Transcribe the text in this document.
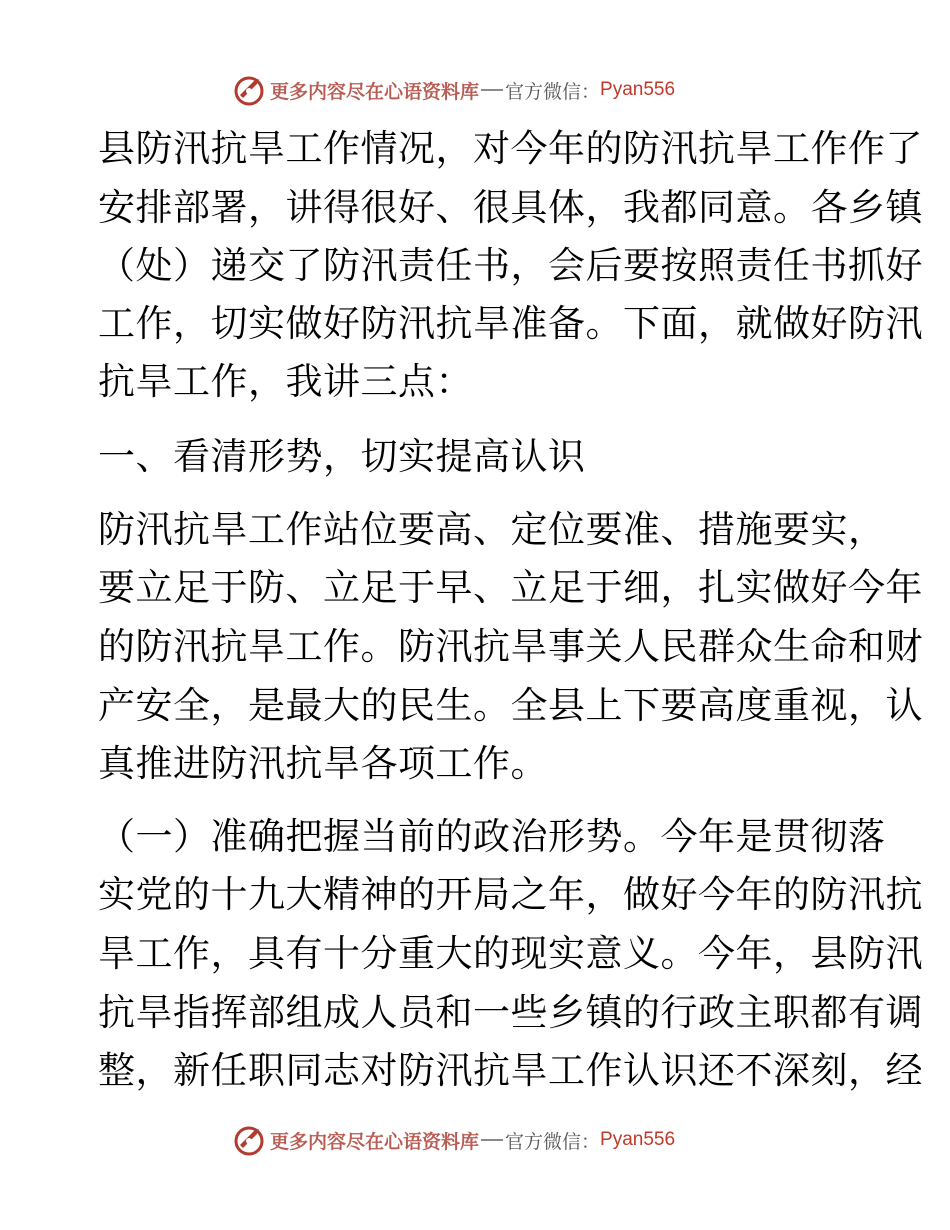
更多内容尽在心语资料库 官方微信： Pyan556
县防汛抗旱工作情况，对今年的防汛抗旱工作作了
安排部署，讲得很好、很具体，我都同意。各乡镇
（处）递交了防汛责任书，会后要按照责任书抓好
工作，切实做好防汛抗旱准备。下面，就做好防汛
抗旱工作，我讲三点：
一、看清形势，切实提高认识
防汛抗旱工作站位要高、定位要准、措施要实，
要立足于防、立足于早、立足于细，扎实做好今年
的防汛抗旱工作。防汛抗旱事关人民群众生命和财
产安全，是最大的民生。全县上下要高度重视，认
真推进防汛抗旱各项工作。
（一）准确把握当前的政治形势。今年是贯彻落
实党的十九大精神的开局之年，做好今年的防汛抗
旱工作，具有十分重大的现实意义。今年，县防汛
抗旱指挥部组成人员和一些乡镇的行政主职都有调
整，新任职同志对防汛抗旱工作认识还不深刻，经
更多内容尽在心语资料库 官方微信： Pyan556
